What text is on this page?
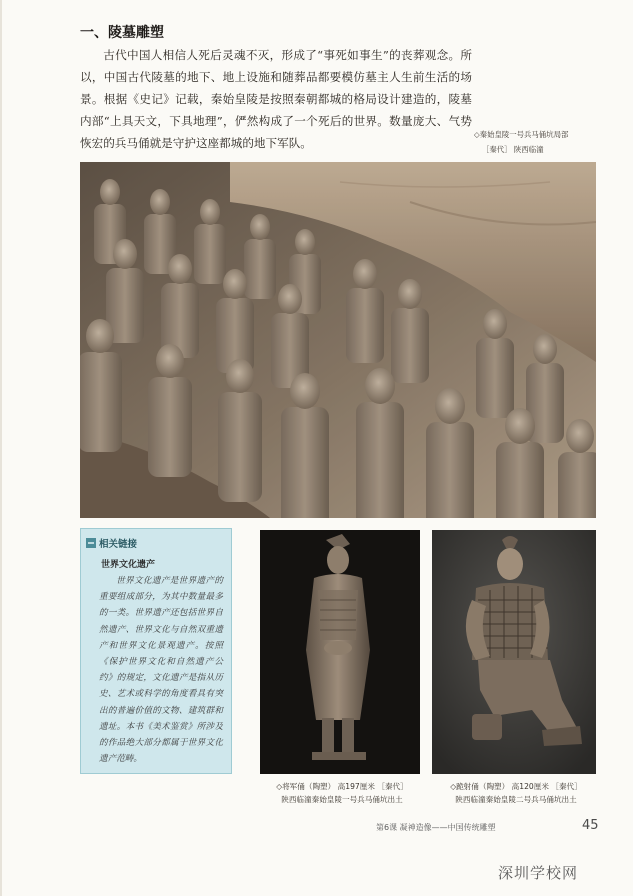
一、陵墓雕塑

古代中国人相信人死后灵魂不灭，形成了“事死如事生”的丧葬观念。所以，中国古代陵墓的地下、地上设施和随葬品都要模仿墓主人生前生活的场景。根据《史记》记载，秦始皇陵是按照秦朝都城的格局设计建造的，陵墓内部“上具天文，下具地理”，俨然构成了一个死后的世界。数量庞大、气势恢宏的兵马俑就是守护这座都城的地下军队。

◇秦始皇陵一号兵马俑坑局部
［秦代］ 陕西临潼
相关链接
世界文化遗产

世界文化遗产是世界遗产的重要组成部分，为其中数量最多的一类。世界遗产还包括世界自然遗产、世界文化与自然双重遗产和世界文化景观遗产。按照《保护世界文化和自然遗产公约》的规定，文化遗产是指从历史、艺术或科学的角度看具有突出的普遍价值的文物、建筑群和遗址。本书《美术鉴赏》所涉及的作品绝大部分都属于世界文化遗产范畴。

◇将军俑（陶塑） 高197厘米 ［秦代］
陕西临潼秦始皇陵一号兵马俑坑出土
◇跪射俑（陶塑） 高120厘米 ［秦代］
陕西临潼秦始皇陵二号兵马俑坑出土
第6课 凝神造像——中国传统雕塑	45
深圳学校网
